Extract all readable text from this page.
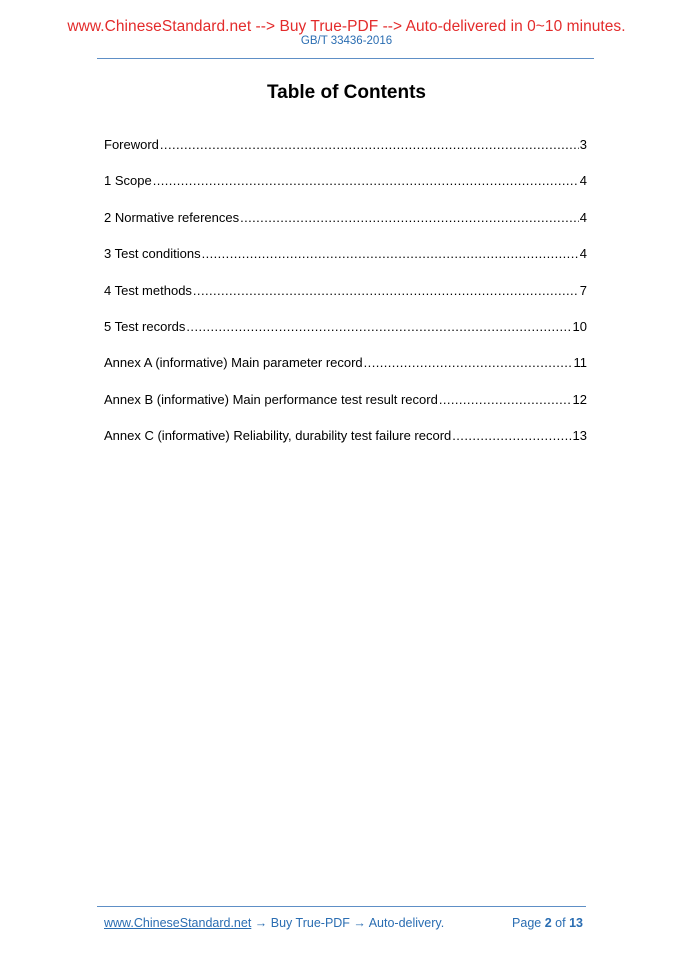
www.ChineseStandard.net --> Buy True-PDF --> Auto-delivered in 0~10 minutes.
GB/T 33436-2016
Table of Contents
Foreword .....	3
1 Scope .....	4
2 Normative references .....	4
3 Test conditions .....	4
4 Test methods .....	7
5 Test records .....	10
Annex A (informative) Main parameter record .....	11
Annex B (informative) Main performance test result record .....	12
Annex C (informative) Reliability, durability test failure record .....	13
www.ChineseStandard.net → Buy True-PDF → Auto-delivery.	Page 2 of 13
